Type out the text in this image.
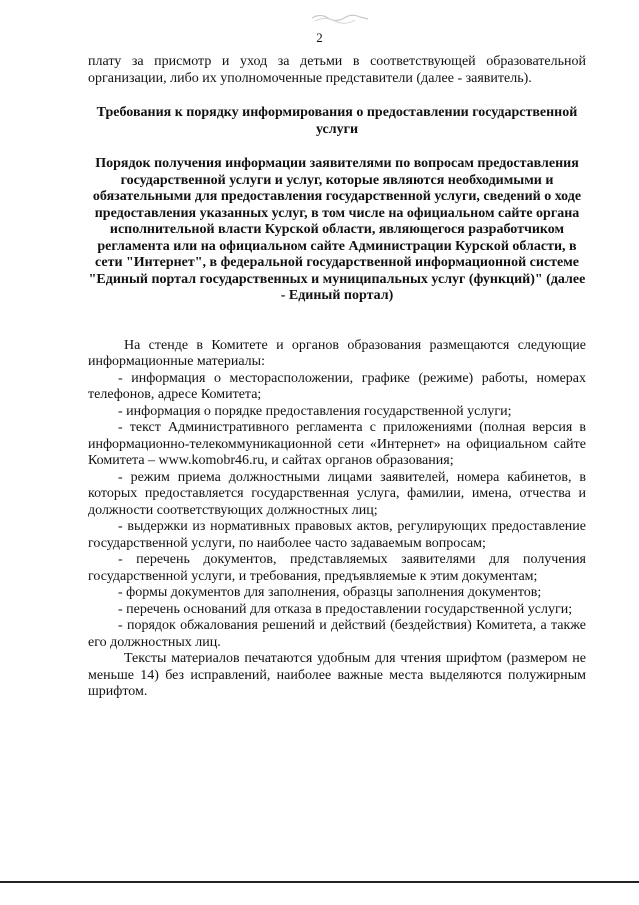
2

плату за присмотр и уход за детьми в соответствующей образовательной организации, либо их уполномоченные представители (далее - заявитель).

Требования к порядку информирования о предоставлении государственной услуги
Порядок получения информации заявителями по вопросам предоставления государственной услуги и услуг, которые являются необходимыми и обязательными для предоставления государственной услуги, сведений о ходе предоставления указанных услуг, в том числе на официальном сайте органа исполнительной власти Курской области, являющегося разработчиком регламента или на официальном сайте Администрации Курской области, в сети "Интернет", в федеральной государственной информационной системе "Единый портал государственных и муниципальных услуг (функций)" (далее - Единый портал)

На стенде в Комитете и органов образования размещаются следующие информационные материалы:

- информация о месторасположении, графике (режиме) работы, номерах телефонов, адресе Комитета;

- информация о порядке предоставления государственной услуги;

- текст Административного регламента с приложениями (полная версия в информационно-телекоммуникационной сети «Интернет» на официальном сайте Комитета – www.komobr46.ru, и сайтах органов образования;

- режим приема должностными лицами заявителей, номера кабинетов, в которых предоставляется государственная услуга, фамилии, имена, отчества и должности соответствующих должностных лиц;

- выдержки из нормативных правовых актов, регулирующих предоставление государственной услуги, по наиболее часто задаваемым вопросам;

- перечень документов, представляемых заявителями для получения государственной услуги, и требования, предъявляемые к этим документам;

- формы документов для заполнения, образцы заполнения документов;

- перечень оснований для отказа в предоставлении государственной услуги;

- порядок обжалования решений и действий (бездействия) Комитета, а также его должностных лиц.

Тексты материалов печатаются удобным для чтения шрифтом (размером не меньше 14) без исправлений, наиболее важные места выделяются полужирным шрифтом.
